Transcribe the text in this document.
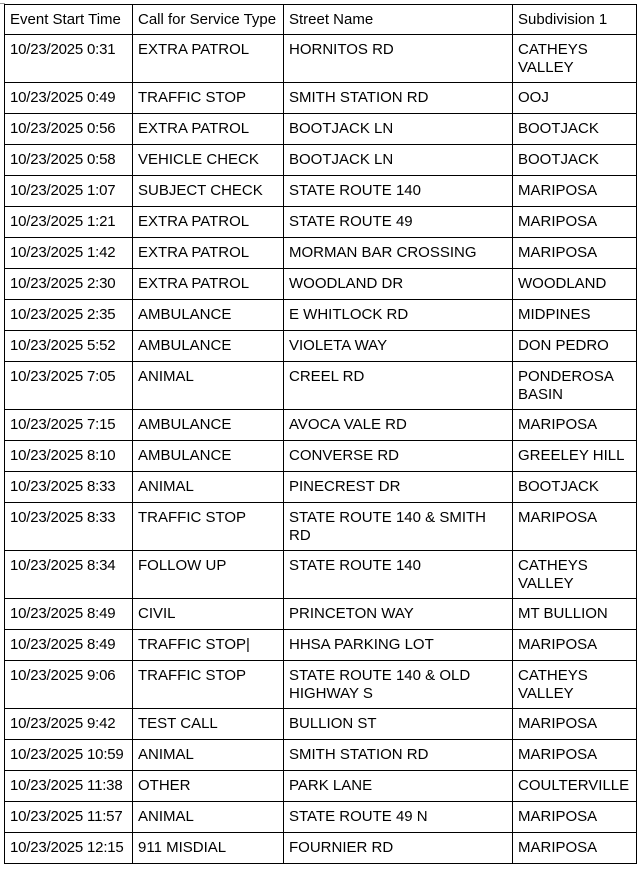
Event Start Time	Call for Service Type	Street Name	Subdivision 1
10/23/2025 0:31	EXTRA PATROL	HORNITOS RD	CATHEYS VALLEY
10/23/2025 0:49	TRAFFIC STOP	SMITH STATION RD	OOJ
10/23/2025 0:56	EXTRA PATROL	BOOTJACK LN	BOOTJACK
10/23/2025 0:58	VEHICLE CHECK	BOOTJACK LN	BOOTJACK
10/23/2025 1:07	SUBJECT CHECK	STATE ROUTE 140	MARIPOSA
10/23/2025 1:21	EXTRA PATROL	STATE ROUTE 49	MARIPOSA
10/23/2025 1:42	EXTRA PATROL	MORMAN BAR CROSSING	MARIPOSA
10/23/2025 2:30	EXTRA PATROL	WOODLAND DR	WOODLAND
10/23/2025 2:35	AMBULANCE	E WHITLOCK RD	MIDPINES
10/23/2025 5:52	AMBULANCE	VIOLETA WAY	DON PEDRO
10/23/2025 7:05	ANIMAL	CREEL RD	PONDEROSA BASIN
10/23/2025 7:15	AMBULANCE	AVOCA VALE RD	MARIPOSA
10/23/2025 8:10	AMBULANCE	CONVERSE RD	GREELEY HILL
10/23/2025 8:33	ANIMAL	PINECREST DR	BOOTJACK
10/23/2025 8:33	TRAFFIC STOP	STATE ROUTE 140 & SMITH RD	MARIPOSA
10/23/2025 8:34	FOLLOW UP	STATE ROUTE 140	CATHEYS VALLEY
10/23/2025 8:49	CIVIL	PRINCETON WAY	MT BULLION
10/23/2025 8:49	TRAFFIC STOP|	HHSA PARKING LOT	MARIPOSA
10/23/2025 9:06	TRAFFIC STOP	STATE ROUTE 140 & OLD HIGHWAY S	CATHEYS VALLEY
10/23/2025 9:42	TEST CALL	BULLION ST	MARIPOSA
10/23/2025 10:59	ANIMAL	SMITH STATION RD	MARIPOSA
10/23/2025 11:38	OTHER	PARK LANE	COULTERVILLE
10/23/2025 11:57	ANIMAL	STATE ROUTE 49 N	MARIPOSA
10/23/2025 12:15	911 MISDIAL	FOURNIER RD	MARIPOSA
